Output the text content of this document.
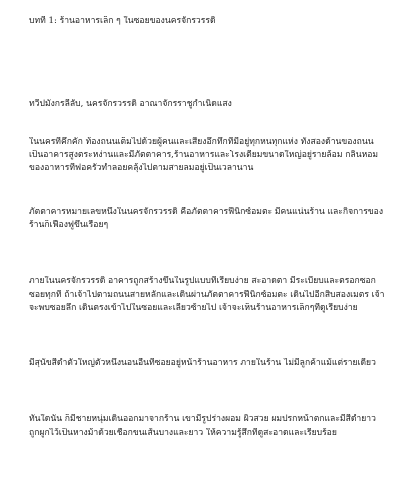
บทที่ 1: ร้านอาหารเล็ก ๆ ในซอยของนครจักรวรรดิ
ทวีปมังกรลี้ลับ, นครจักรวรรดิ อาณาจักรราชูกำเนิดแสง
ในนครที่คึกคัก ท้องถนนเต็มไปด้วยผู้คนและเสียงอึกทึกที่มีอยู่ทุกหนทุกแห่ง ทั้งสองด้านของถนน
เป็นอาคารสูงตระหง่านและมีภัตตาคาร,ร้านอาหารและโรงเตี๊ยมขนาดใหญ่อยู่รายล้อม กลิ่นหอม
ของอาหารที่ฟอครัวทำลอยคลุ้งไปตามสายลมอยู่เป็นเวลานาน
ภัตตาคารหมายเลขหนึ่งในนครจักรวรรดิ คือภัตตาคารฟีนิกซ์อมตะ มีคนแน่นร้าน และกิจการของ
ร้านก็เฟื่องฟูขึ้นเรื่อยๆ
ภายในนครจักรวรรดิ อาคารถูกสร้างขึ้นในรูปแบบที่เรียบง่าย สะอาดตา มีระเบียบและตรอกซอก
ซอยทุกที่ ถ้าเจ้าไปตามถนนสายหลักและเดินผ่านภัตตาคารฟีนิกซ์อมตะ เดินไปอีกสิบสองเมตร เจ้า
จะพบซอยลึก เดินตรงเข้าไปในซอยและเลี้ยวซ้ายไป เจ้าจะเห็นร้านอาหารเล็กๆที่ดูเรียบง่าย
มีสุนัขสีดำตัวใหญ่ตัวหนึ่งนอนอื่นที่ซอยอยู่หน้าร้านอาหาร ภายในร้าน ไม่มีลูกค้าแม้แต่รายเดียว
ทันใดนั้น ก็มีชายหนุ่มเดินออกมาจากร้าน เขามีรูปร่างผอม ผิวสวย ผมปรกหน้าตกและมีสีดำยาว
ถูกผูกไว้เป็นหางม้าด้วยเชือกขนเส้นบางและยาว ให้ความรู้สึกที่ดูสะอาดและเรียบร้อย
